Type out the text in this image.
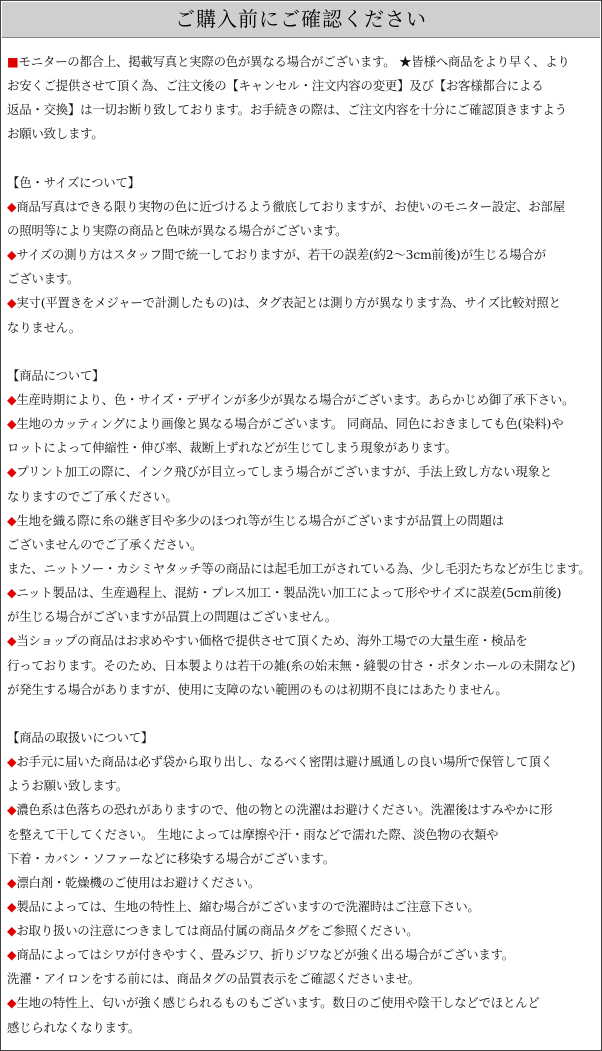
ご購入前にご確認ください
■モニターの都合上、掲載写真と実際の色が異なる場合がございます。 ★皆様へ商品をより早く、より
お安くご提供させて頂く為、ご注文後の【キャンセル・注文内容の変更】及び【お客様都合による
返品・交換】は一切お断り致しております。お手続きの際は、ご注文内容を十分にご確認頂きますよう
お願い致します。
【色・サイズについて】
◆商品写真はできる限り実物の色に近づけるよう徹底しておりますが、お使いのモニター設定、お部屋
の照明等により実際の商品と色味が異なる場合がございます。
◆サイズの測り方はスタッフ間で統一しておりますが、若干の誤差(約2～3cm前後)が生じる場合が
ございます。
◆実寸(平置きをメジャーで計測したもの)は、タグ表記とは測り方が異なります為、サイズ比較対照と
なりません。
【商品について】
◆生産時期により、色・サイズ・デザインが多少が異なる場合がございます。あらかじめ御了承下さい。
◆生地のカッティングにより画像と異なる場合がございます。 同商品、同色におきましても色(染料)や
ロットによって伸縮性・伸び率、裁断上ずれなどが生じてしまう現象があります。
◆プリント加工の際に、インク飛びが目立ってしまう場合がございますが、手法上致し方ない現象と
なりますのでご了承ください。
◆生地を織る際に糸の継ぎ目や多少のほつれ等が生じる場合がございますが品質上の問題は
ございませんのでご了承ください。
また、ニットソー・カシミヤタッチ等の商品には起毛加工がされている為、少し毛羽たちなどが生じます。
◆ニット製品は、生産過程上、混紡・プレス加工・製品洗い加工によって形やサイズに誤差(5cm前後)
が生じる場合がございますが品質上の問題はございません。
◆当ショップの商品はお求めやすい価格で提供させて頂くため、海外工場での大量生産・検品を
行っております。そのため、日本製よりは若干の雑(糸の始末無・縫製の甘さ・ボタンホールの未開など)
が発生する場合がありますが、使用に支障のない範囲のものは初期不良にはあたりません。
【商品の取扱いについて】
◆お手元に届いた商品は必ず袋から取り出し、なるべく密閉は避け風通しの良い場所で保管して頂く
ようお願い致します。
◆濃色系は色落ちの恐れがありますので、他の物との洗濯はお避けください。洗濯後はすみやかに形
を整えて干してください。 生地によっては摩擦や汗・雨などで濡れた際、淡色物の衣類や
下着・カバン・ソファーなどに移染する場合がございます。
◆漂白剤・乾燥機のご使用はお避けください。
◆製品によっては、生地の特性上、縮む場合がございますので洗濯時はご注意下さい。
◆お取り扱いの注意につきましては商品付属の商品タグをご参照ください。
◆商品によってはシワが付きやすく、畳みジワ、折りジワなどが強く出る場合がございます。
洗濯・アイロンをする前には、商品タグの品質表示をご確認くださいませ。
◆生地の特性上、匂いが強く感じられるものもございます。数日のご使用や陰干しなどでほとんど
感じられなくなります。
